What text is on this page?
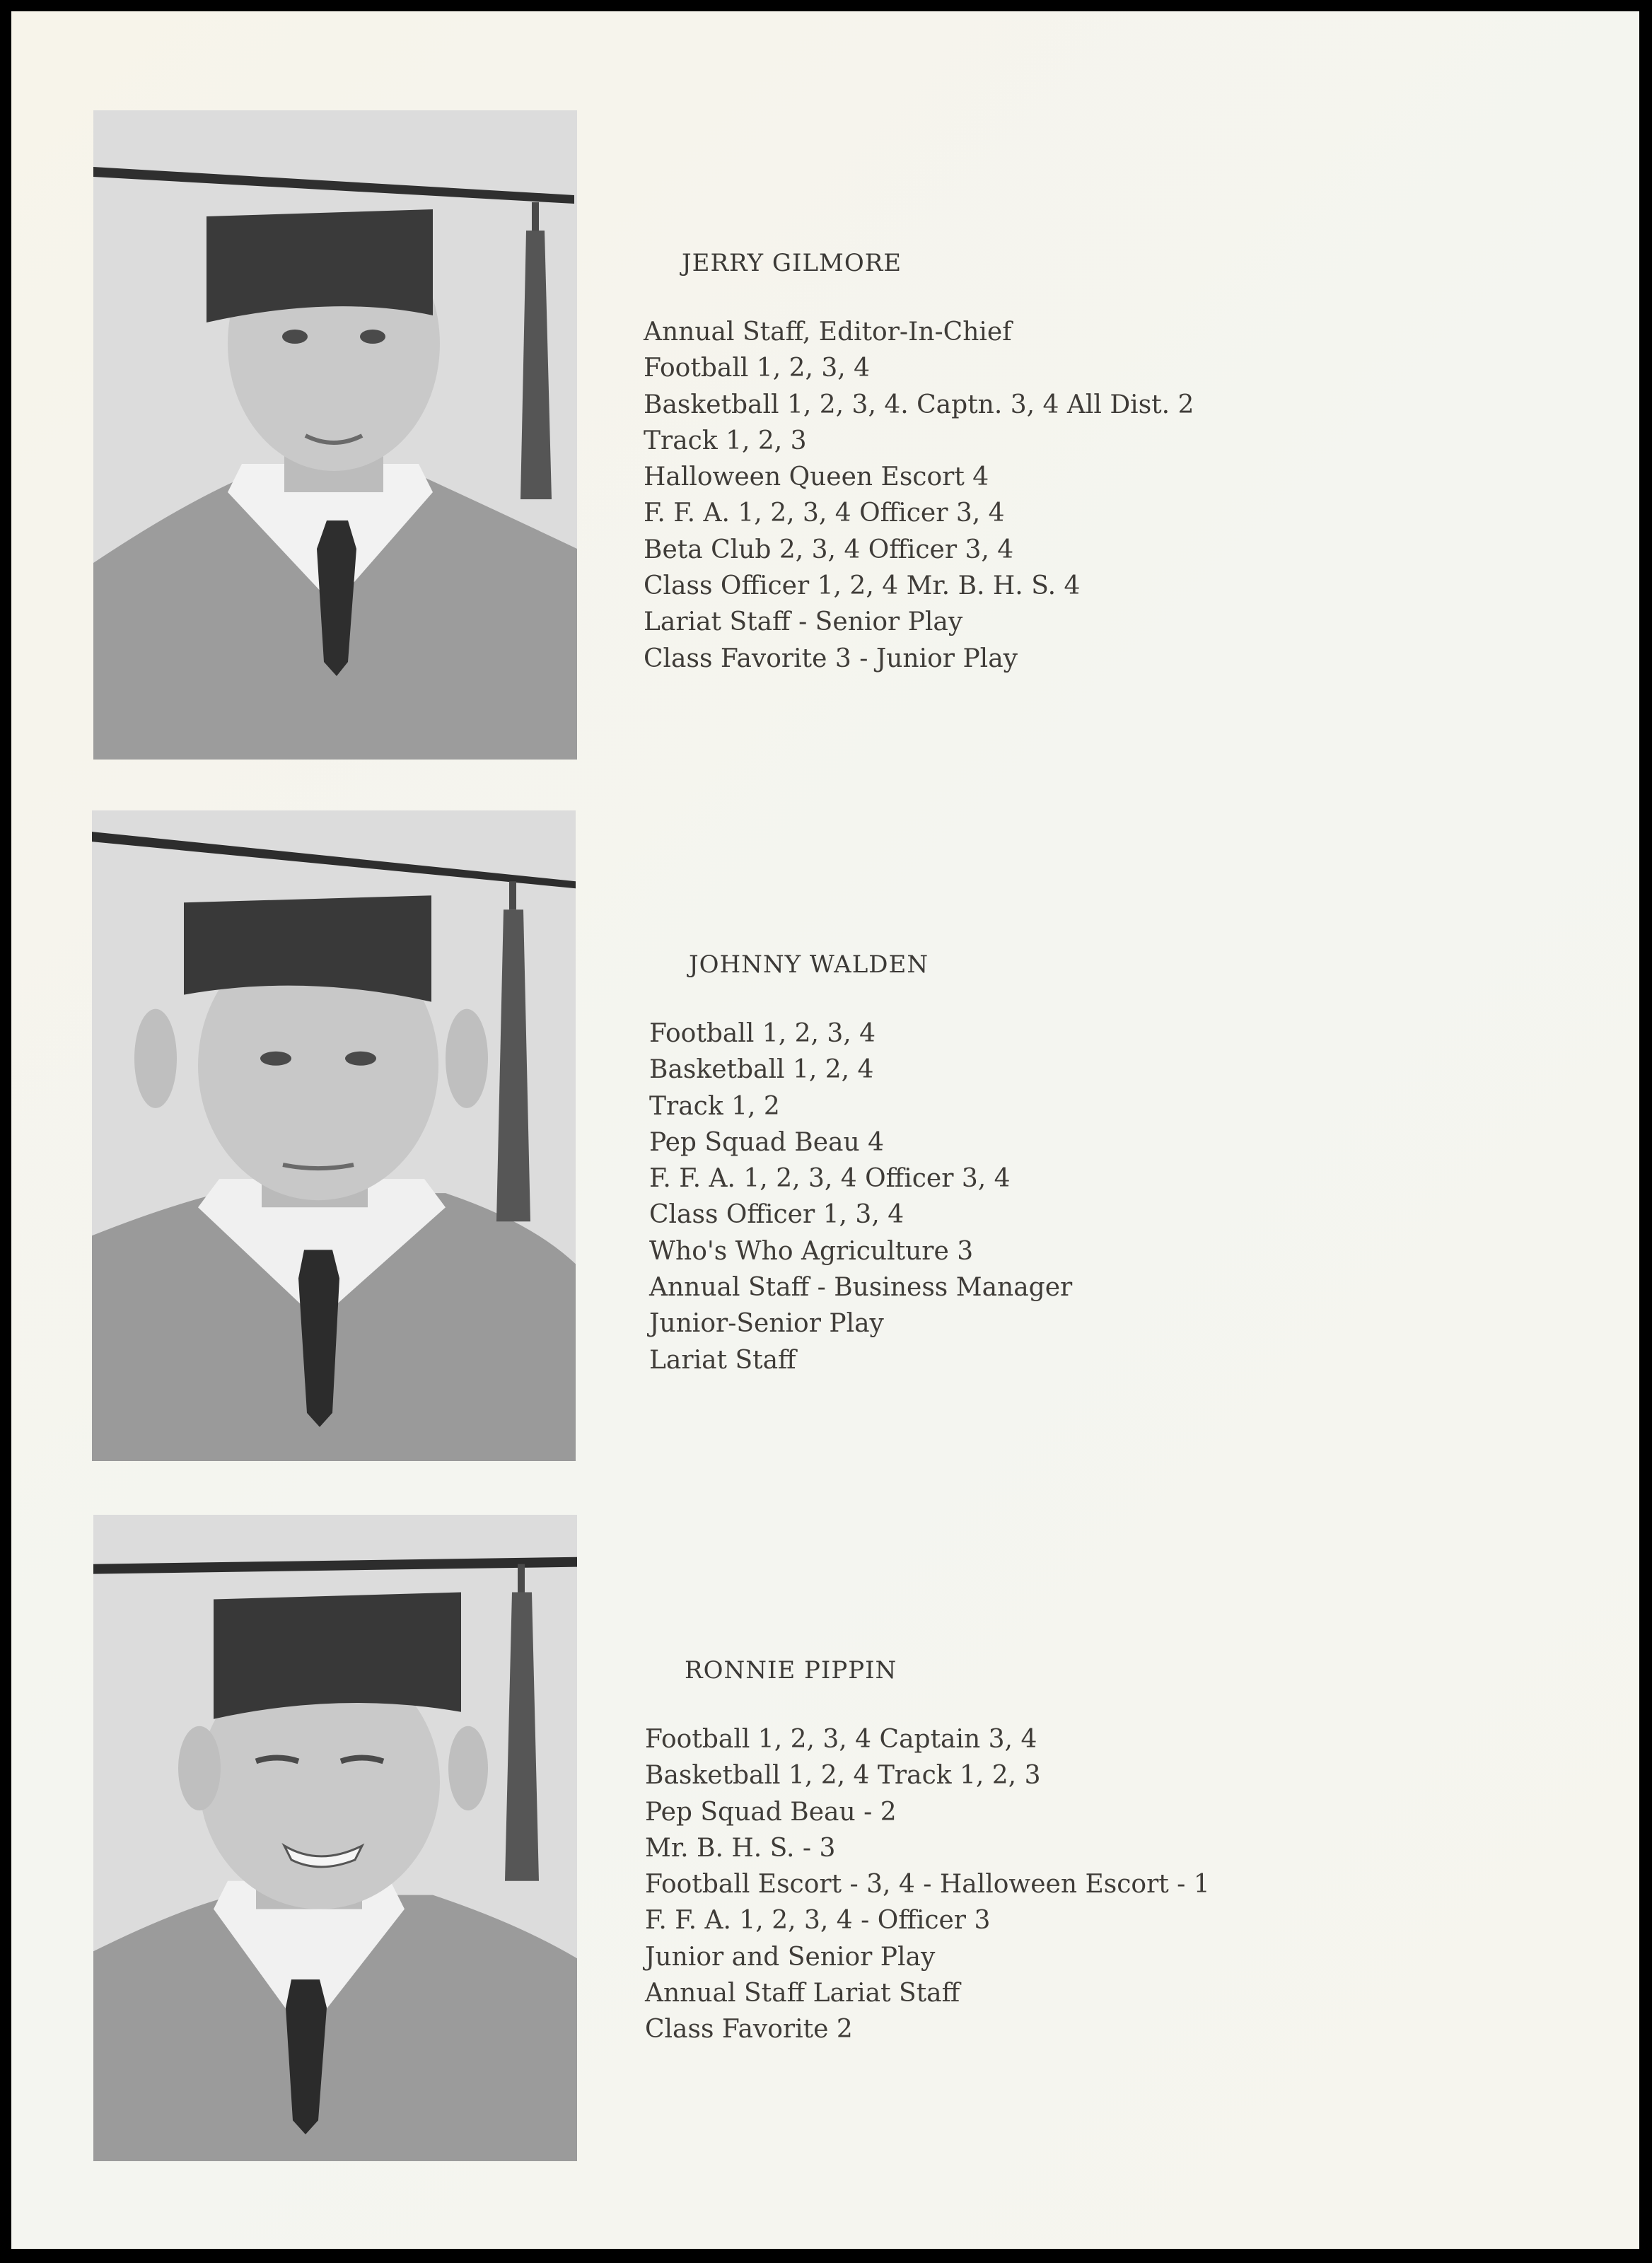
JERRY GILMORE
Annual Staff, Editor-In-Chief
Football 1, 2, 3, 4
Basketball 1, 2, 3, 4. Captn. 3, 4 All Dist. 2
Track 1, 2, 3
Halloween Queen Escort 4
F. F. A. 1, 2, 3, 4 Officer 3, 4
Beta Club 2, 3, 4 Officer 3, 4
Class Officer 1, 2, 4 Mr. B. H. S. 4
Lariat Staff - Senior Play
Class Favorite 3 - Junior Play
JOHNNY WALDEN
Football 1, 2, 3, 4
Basketball 1, 2, 4
Track 1, 2
Pep Squad Beau 4
F. F. A. 1, 2, 3, 4 Officer 3, 4
Class Officer 1, 3, 4
Who's Who Agriculture 3
Annual Staff - Business Manager
Junior-Senior Play
Lariat Staff
RONNIE PIPPIN
Football 1, 2, 3, 4 Captain 3, 4
Basketball 1, 2, 4 Track 1, 2, 3
Pep Squad Beau - 2
Mr. B. H. S. - 3
Football Escort - 3, 4 - Halloween Escort - 1
F. F. A. 1, 2, 3, 4 - Officer 3
Junior and Senior Play
Annual Staff Lariat Staff
Class Favorite 2
